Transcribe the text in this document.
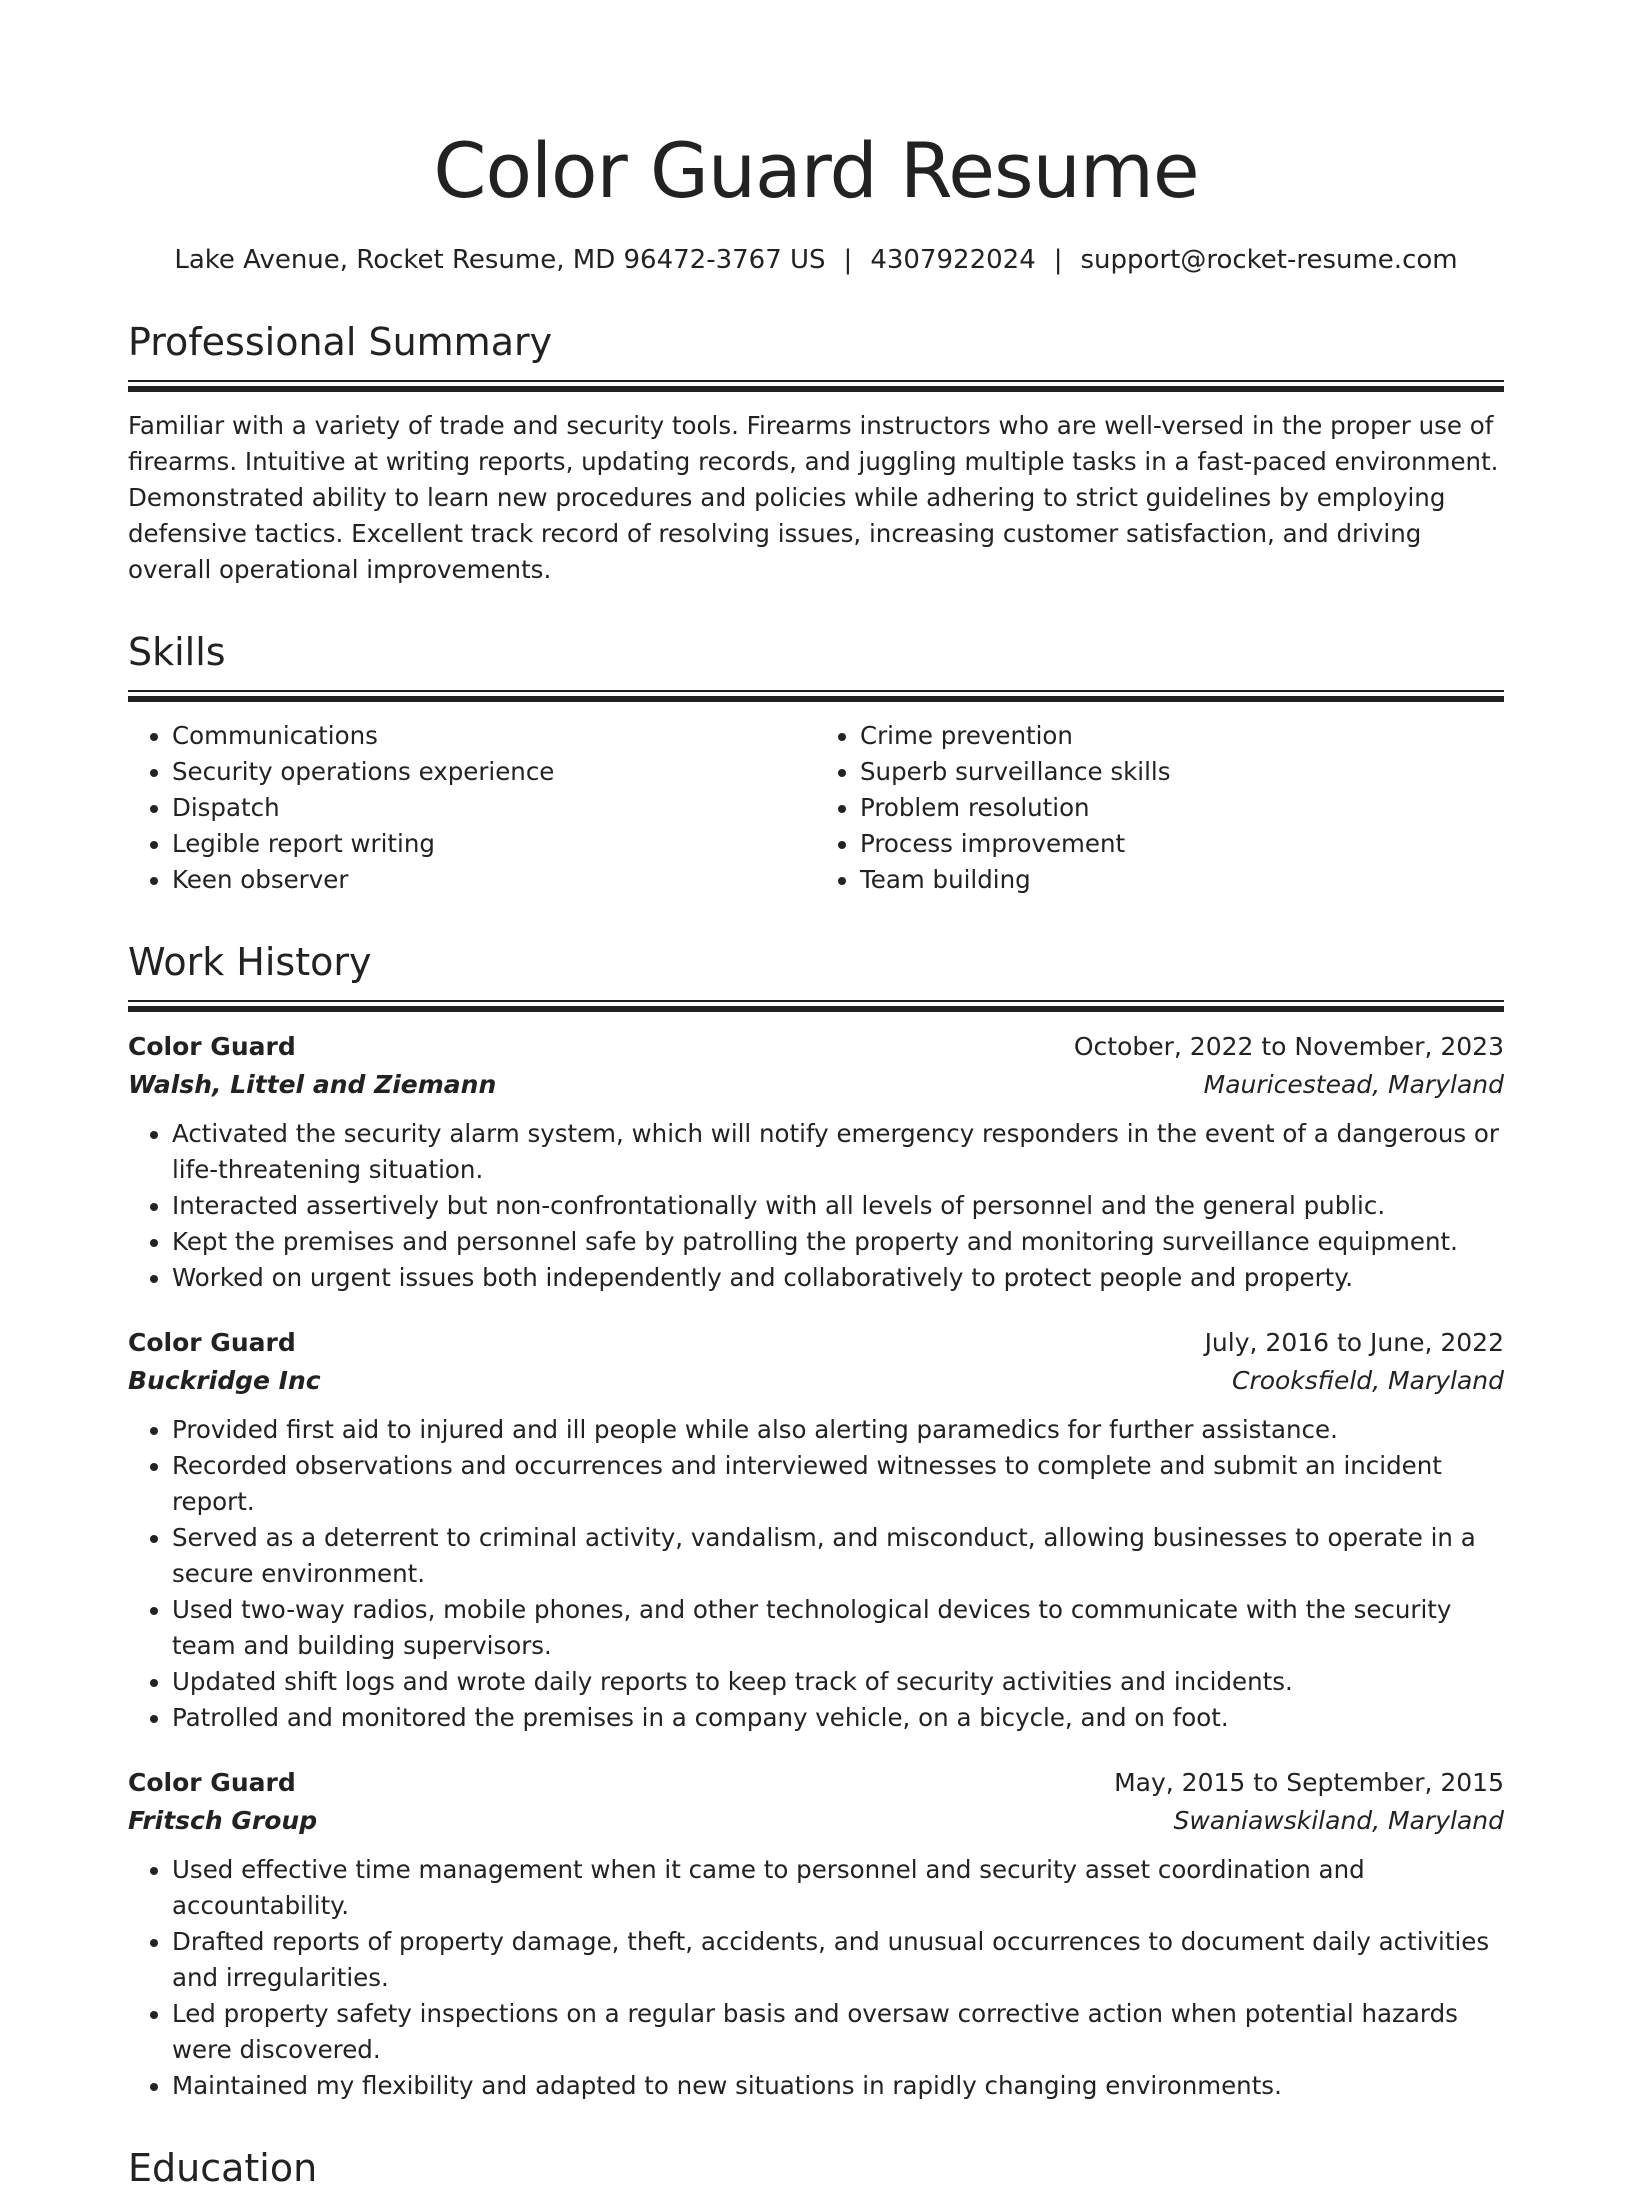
Color Guard Resume
Lake Avenue, Rocket Resume, MD 96472-3767 US | 4307922024 | support@rocket-resume.com
Professional Summary

Familiar with a variety of trade and security tools. Firearms instructors who are well-versed in the proper use of firearms. Intuitive at writing reports, updating records, and juggling multiple tasks in a fast-paced environment. Demonstrated ability to learn new procedures and policies while adhering to strict guidelines by employing defensive tactics. Excellent track record of resolving issues, increasing customer satisfaction, and driving overall operational improvements.

Skills
• Communications
• Security operations experience
• Dispatch
• Legible report writing
• Keen observer
• Crime prevention
• Superb surveillance skills
• Problem resolution
• Process improvement
• Team building
Work History
Color Guard	October, 2022 to November, 2023
Walsh, Littel and Ziemann	Mauricestead, Maryland
• Activated the security alarm system, which will notify emergency responders in the event of a dangerous or life-threatening situation.
• Interacted assertively but non-confrontationally with all levels of personnel and the general public.
• Kept the premises and personnel safe by patrolling the property and monitoring surveillance equipment.
• Worked on urgent issues both independently and collaboratively to protect people and property.
Color Guard	July, 2016 to June, 2022
Buckridge Inc	Crooksfield, Maryland
• Provided first aid to injured and ill people while also alerting paramedics for further assistance.
• Recorded observations and occurrences and interviewed witnesses to complete and submit an incident report.
• Served as a deterrent to criminal activity, vandalism, and misconduct, allowing businesses to operate in a secure environment.
• Used two-way radios, mobile phones, and other technological devices to communicate with the security team and building supervisors.
• Updated shift logs and wrote daily reports to keep track of security activities and incidents.
• Patrolled and monitored the premises in a company vehicle, on a bicycle, and on foot.
Color Guard	May, 2015 to September, 2015
Fritsch Group	Swaniawskiland, Maryland
• Used effective time management when it came to personnel and security asset coordination and accountability.
• Drafted reports of property damage, theft, accidents, and unusual occurrences to document daily activities and irregularities.
• Led property safety inspections on a regular basis and oversaw corrective action when potential hazards were discovered.
• Maintained my flexibility and adapted to new situations in rapidly changing environments.
Education
